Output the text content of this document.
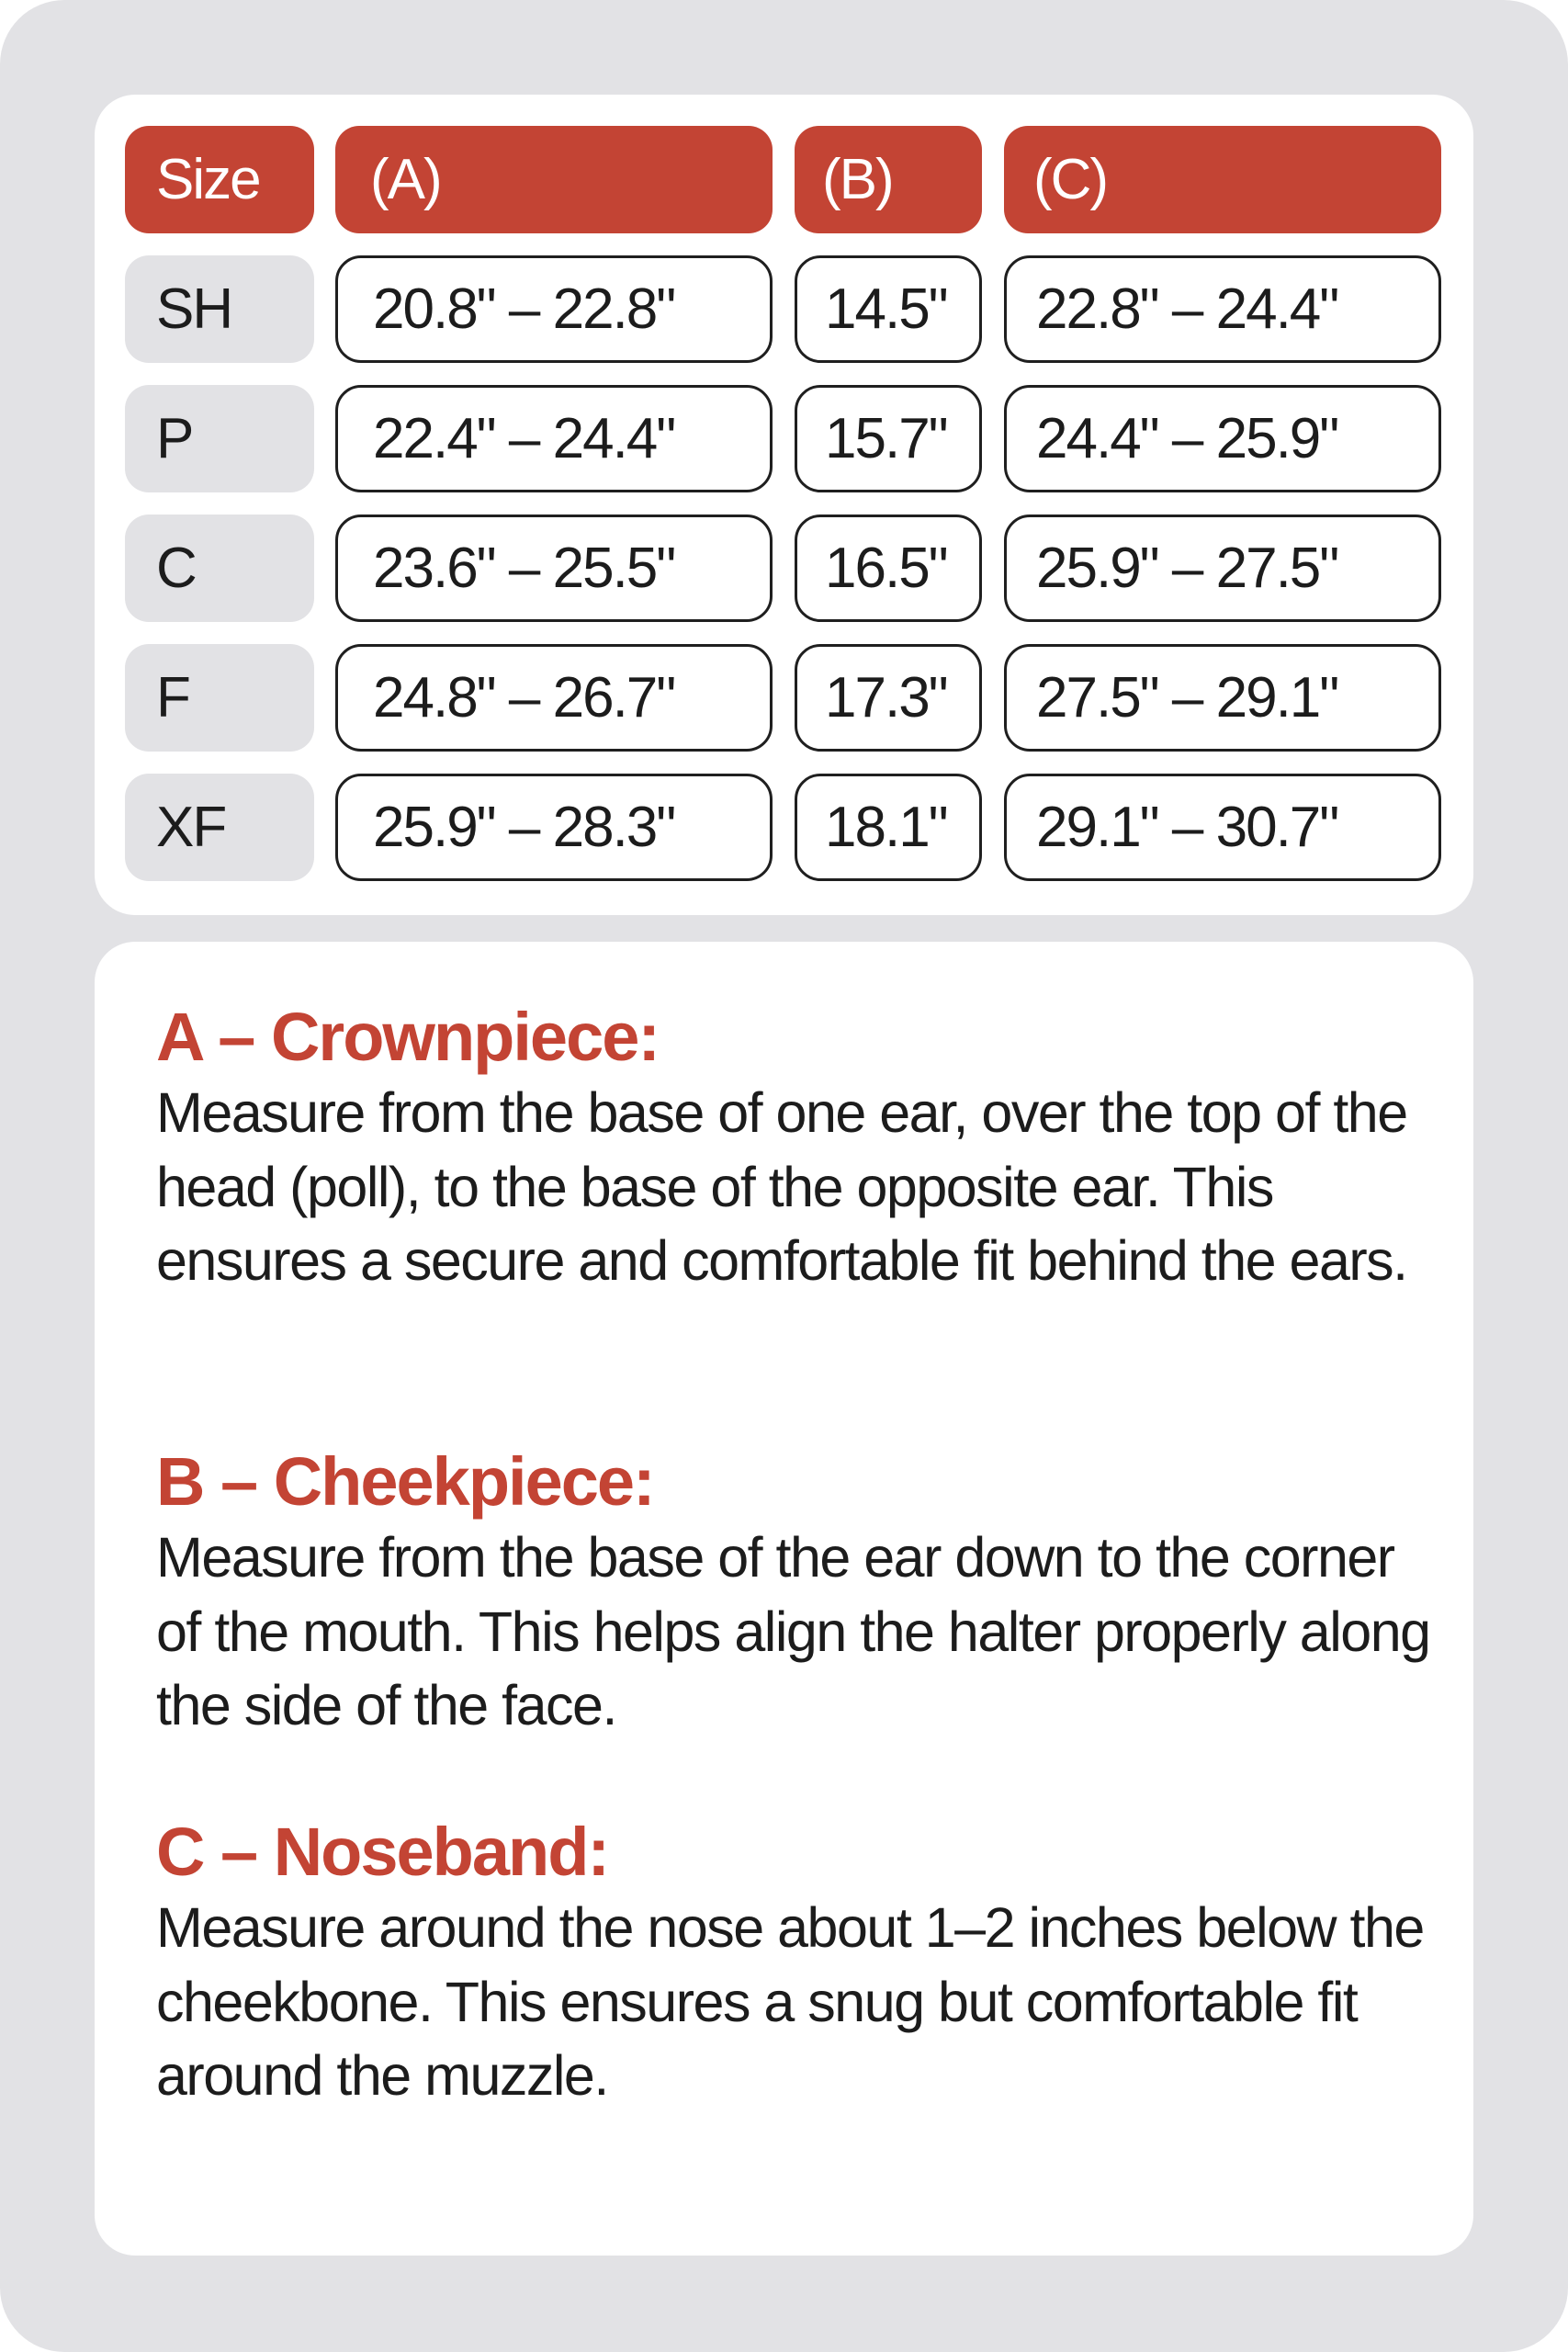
Size	(A)	(B)	(C)
SH	20.8" – 22.8"	14.5"	22.8" – 24.4"
P	22.4" – 24.4"	15.7"	24.4" – 25.9"
C	23.6" – 25.5"	16.5"	25.9" – 27.5"
F	24.8" – 26.7"	17.3"	27.5" – 29.1"
XF	25.9" – 28.3"	18.1"	29.1" – 30.7"

A – Crownpiece:

Measure from the base of one ear, over the top of the head (poll), to the base of the opposite ear. This ensures a secure and comfortable fit behind the ears.

B – Cheekpiece:

Measure from the base of the ear down to the corner of the mouth. This helps align the halter properly along the side of the face.

C – Noseband:

Measure around the nose about 1–2 inches below the cheekbone. This ensures a snug but comfortable fit around the muzzle.
